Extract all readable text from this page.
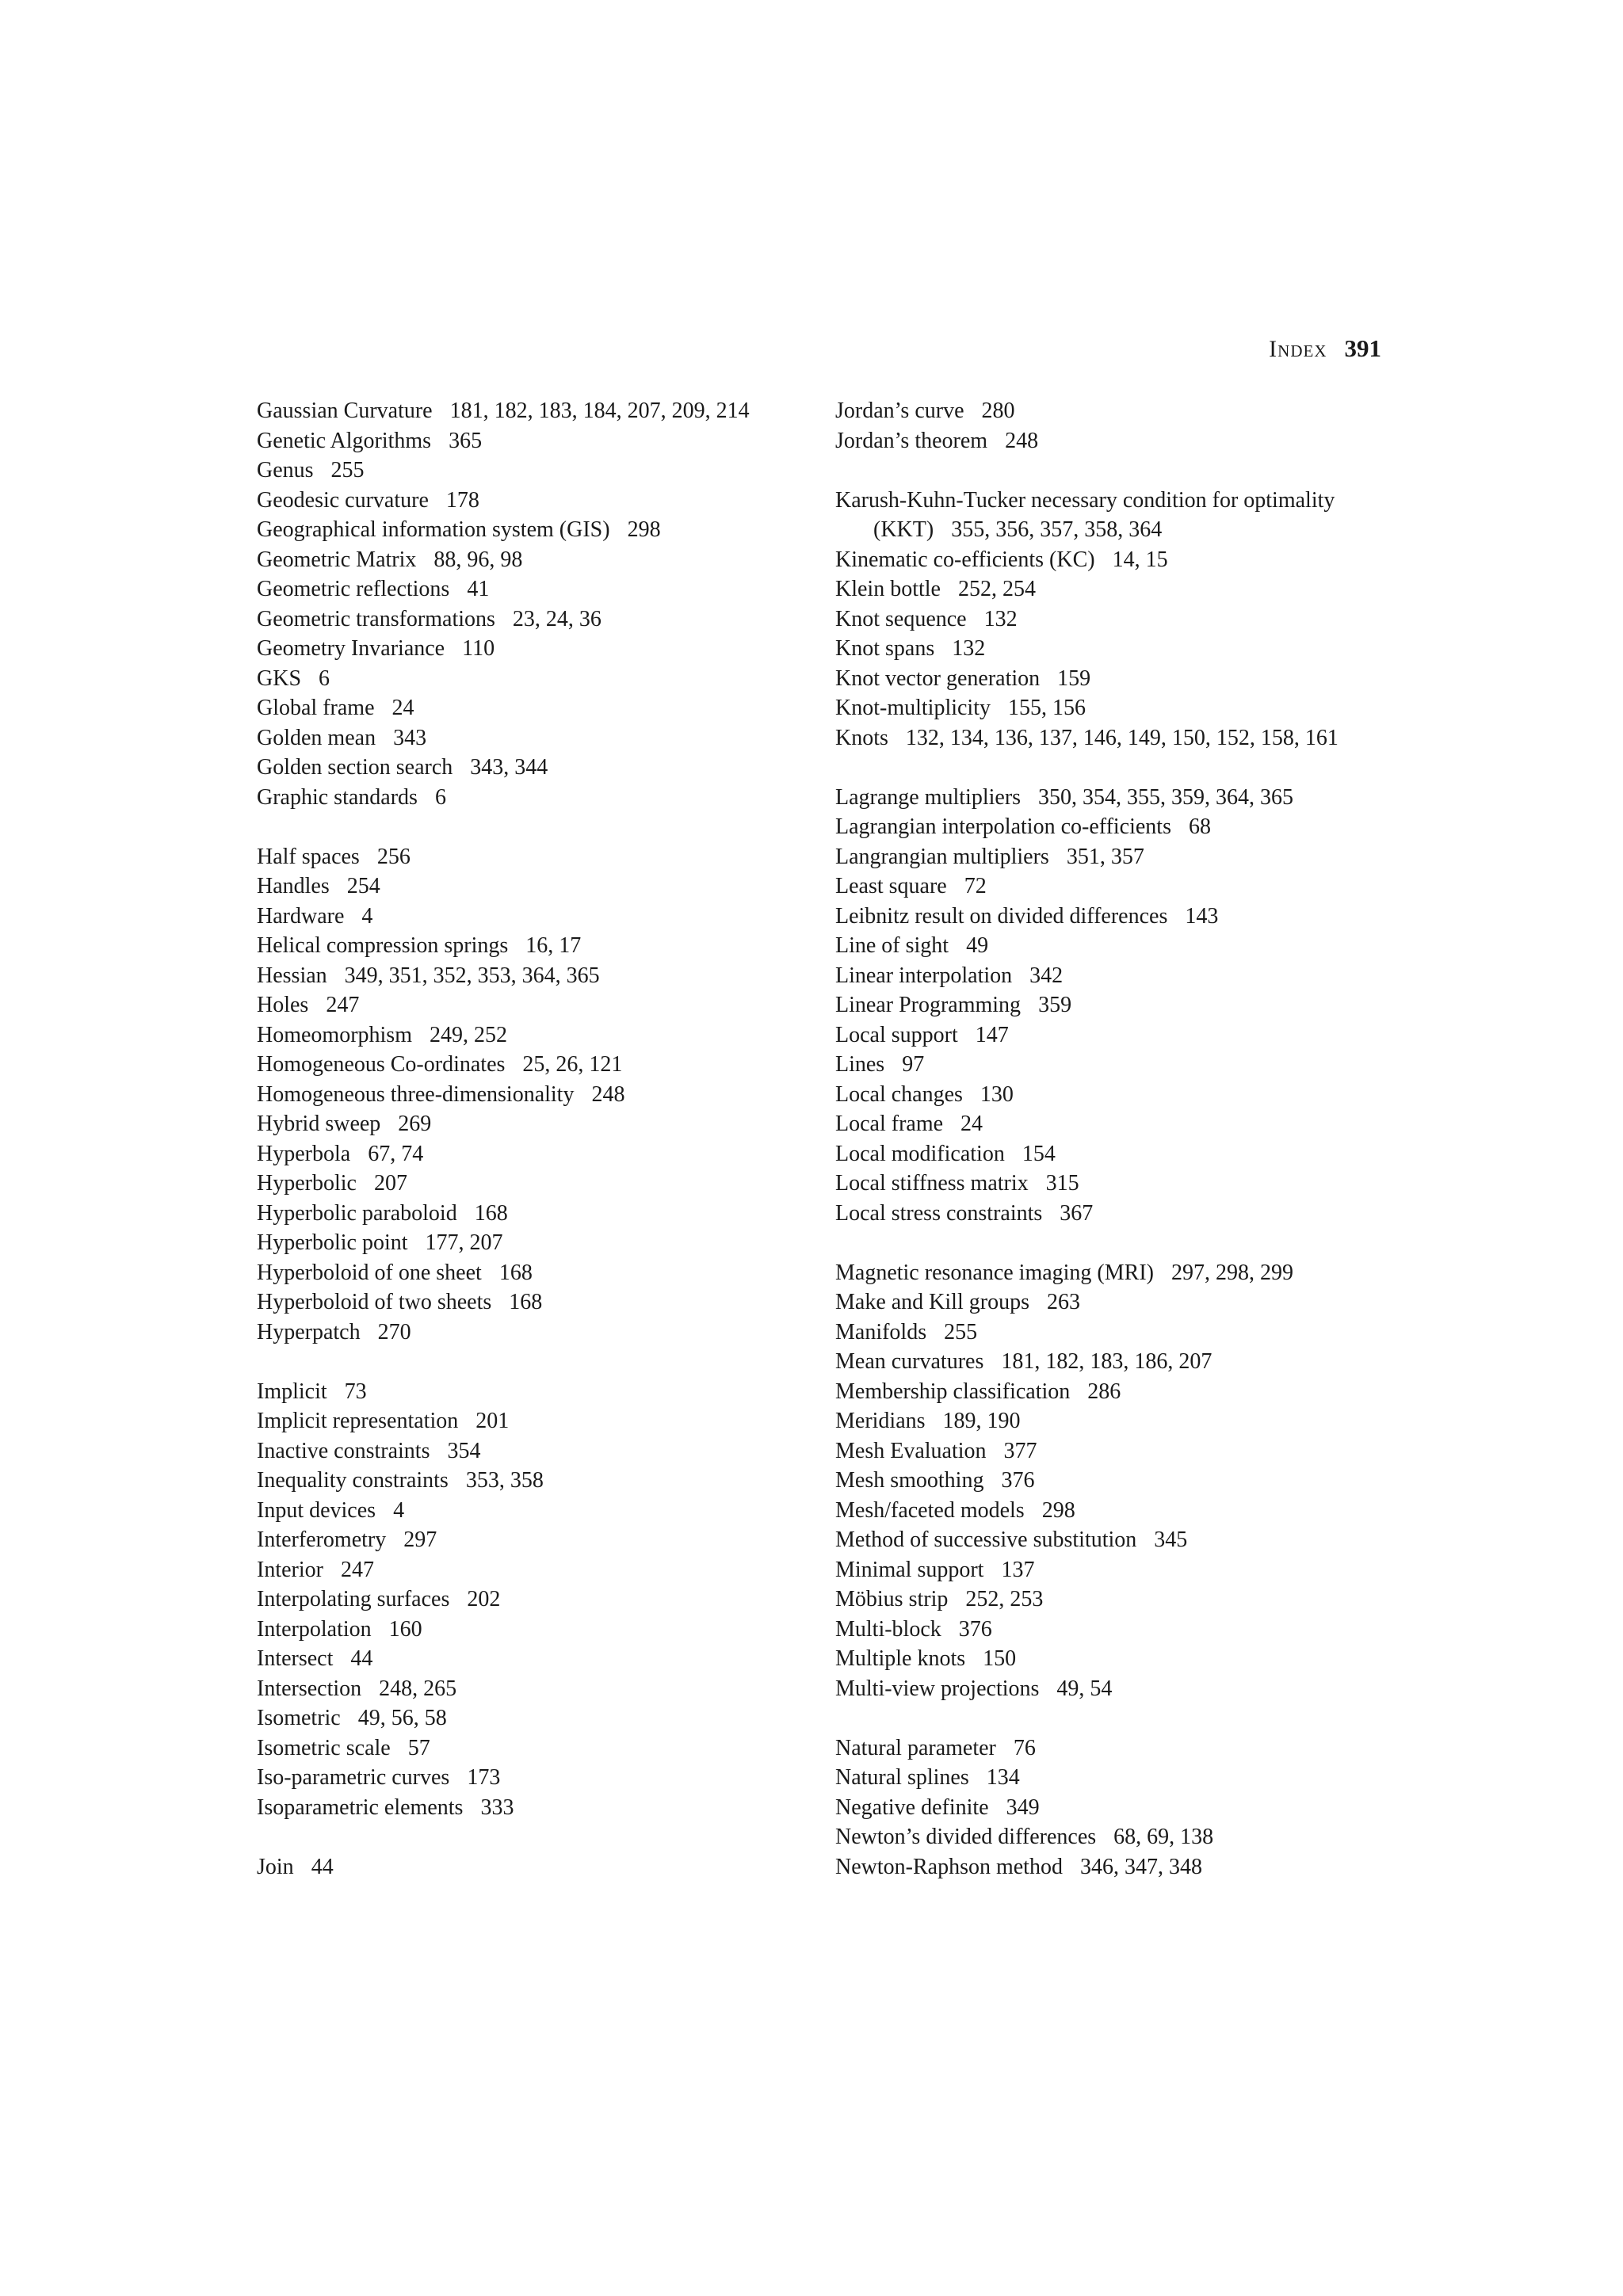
Index 391
Gaussian Curvature 181, 182, 183, 184, 207, 209, 214
Genetic Algorithms 365
Genus 255
Geodesic curvature 178
Geographical information system (GIS) 298
Geometric Matrix 88, 96, 98
Geometric reflections 41
Geometric transformations 23, 24, 36
Geometry Invariance 110
GKS 6
Global frame 24
Golden mean 343
Golden section search 343, 344
Graphic standards 6
Half spaces 256
Handles 254
Hardware 4
Helical compression springs 16, 17
Hessian 349, 351, 352, 353, 364, 365
Holes 247
Homeomorphism 249, 252
Homogeneous Co-ordinates 25, 26, 121
Homogeneous three-dimensionality 248
Hybrid sweep 269
Hyperbola 67, 74
Hyperbolic 207
Hyperbolic paraboloid 168
Hyperbolic point 177, 207
Hyperboloid of one sheet 168
Hyperboloid of two sheets 168
Hyperpatch 270
Implicit 73
Implicit representation 201
Inactive constraints 354
Inequality constraints 353, 358
Input devices 4
Interferometry 297
Interior 247
Interpolating surfaces 202
Interpolation 160
Intersect 44
Intersection 248, 265
Isometric 49, 56, 58
Isometric scale 57
Iso-parametric curves 173
Isoparametric elements 333
Join 44
Jordan’s curve 280
Jordan’s theorem 248
Karush-Kuhn-Tucker necessary condition for optimality (KKT) 355, 356, 357, 358, 364
Kinematic co-efficients (KC) 14, 15
Klein bottle 252, 254
Knot sequence 132
Knot spans 132
Knot vector generation 159
Knot-multiplicity 155, 156
Knots 132, 134, 136, 137, 146, 149, 150, 152, 158, 161
Lagrange multipliers 350, 354, 355, 359, 364, 365
Lagrangian interpolation co-efficients 68
Langrangian multipliers 351, 357
Least square 72
Leibnitz result on divided differences 143
Line of sight 49
Linear interpolation 342
Linear Programming 359
Local support 147
Lines 97
Local changes 130
Local frame 24
Local modification 154
Local stiffness matrix 315
Local stress constraints 367
Magnetic resonance imaging (MRI) 297, 298, 299
Make and Kill groups 263
Manifolds 255
Mean curvatures 181, 182, 183, 186, 207
Membership classification 286
Meridians 189, 190
Mesh Evaluation 377
Mesh smoothing 376
Mesh/faceted models 298
Method of successive substitution 345
Minimal support 137
Möbius strip 252, 253
Multi-block 376
Multiple knots 150
Multi-view projections 49, 54
Natural parameter 76
Natural splines 134
Negative definite 349
Newton’s divided differences 68, 69, 138
Newton-Raphson method 346, 347, 348
